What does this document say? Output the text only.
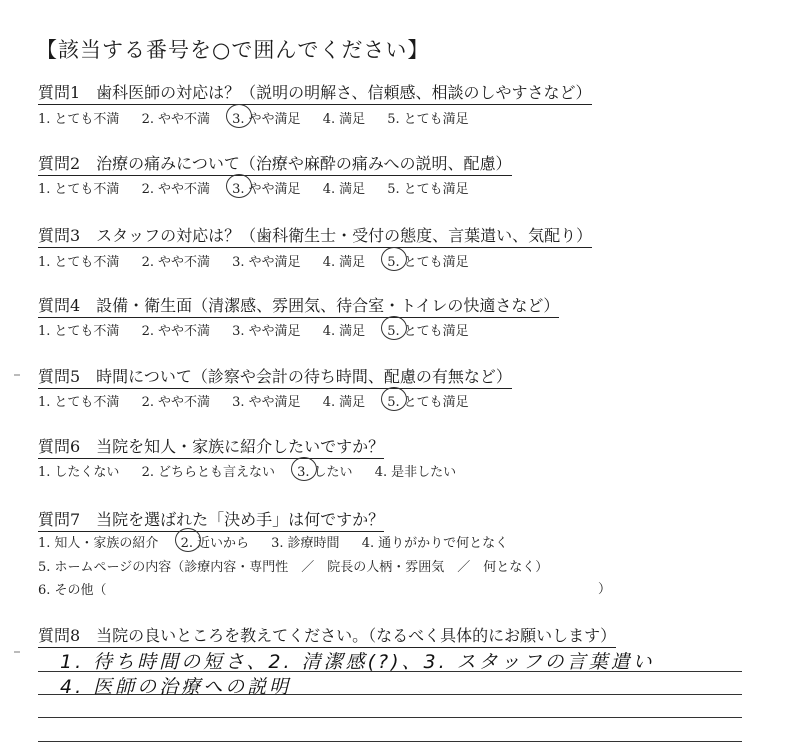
【該当する番号を○で囲んでください】
質問1　歯科医師の対応は？（説明の明解さ、信頼感、相談のしやすさなど）
1. とても不満 2. やや不満 3. やや満足 4. 満足 5. とても満足
質問2　治療の痛みについて（治療や麻酔の痛みへの説明、配慮）
1. とても不満 2. やや不満 3. やや満足 4. 満足 5. とても満足
質問3　スタッフの対応は？（歯科衛生士・受付の態度、言葉遣い、気配り）
1. とても不満 2. やや不満 3. やや満足 4. 満足 5. とても満足
質問4　設備・衛生面（清潔感、雰囲気、待合室・トイレの快適さなど）
1. とても不満 2. やや不満 3. やや満足 4. 満足 5. とても満足
質問5　時間について（診察や会計の待ち時間、配慮の有無など）
1. とても不満 2. やや不満 3. やや満足 4. 満足 5. とても満足
質問6　当院を知人・家族に紹介したいですか？
1. したくない 2. どちらとも言えない 3. したい 4. 是非したい
質問7　当院を選ばれた「決め手」は何ですか？
1. 知人・家族の紹介 2. 近いから 3. 診療時間 4. 通りがかりで何となく
5. ホームページの内容（診療内容・専門性　／　院長の人柄・雰囲気　／　何となく）
6. その他（	）
質問8　当院の良いところを教えてください。（なるべく具体的にお願いします）
1. 待ち時間の短さ、2. 清潔感(?)、3. スタッフの言葉遣い
4. 医師の治療への説明
